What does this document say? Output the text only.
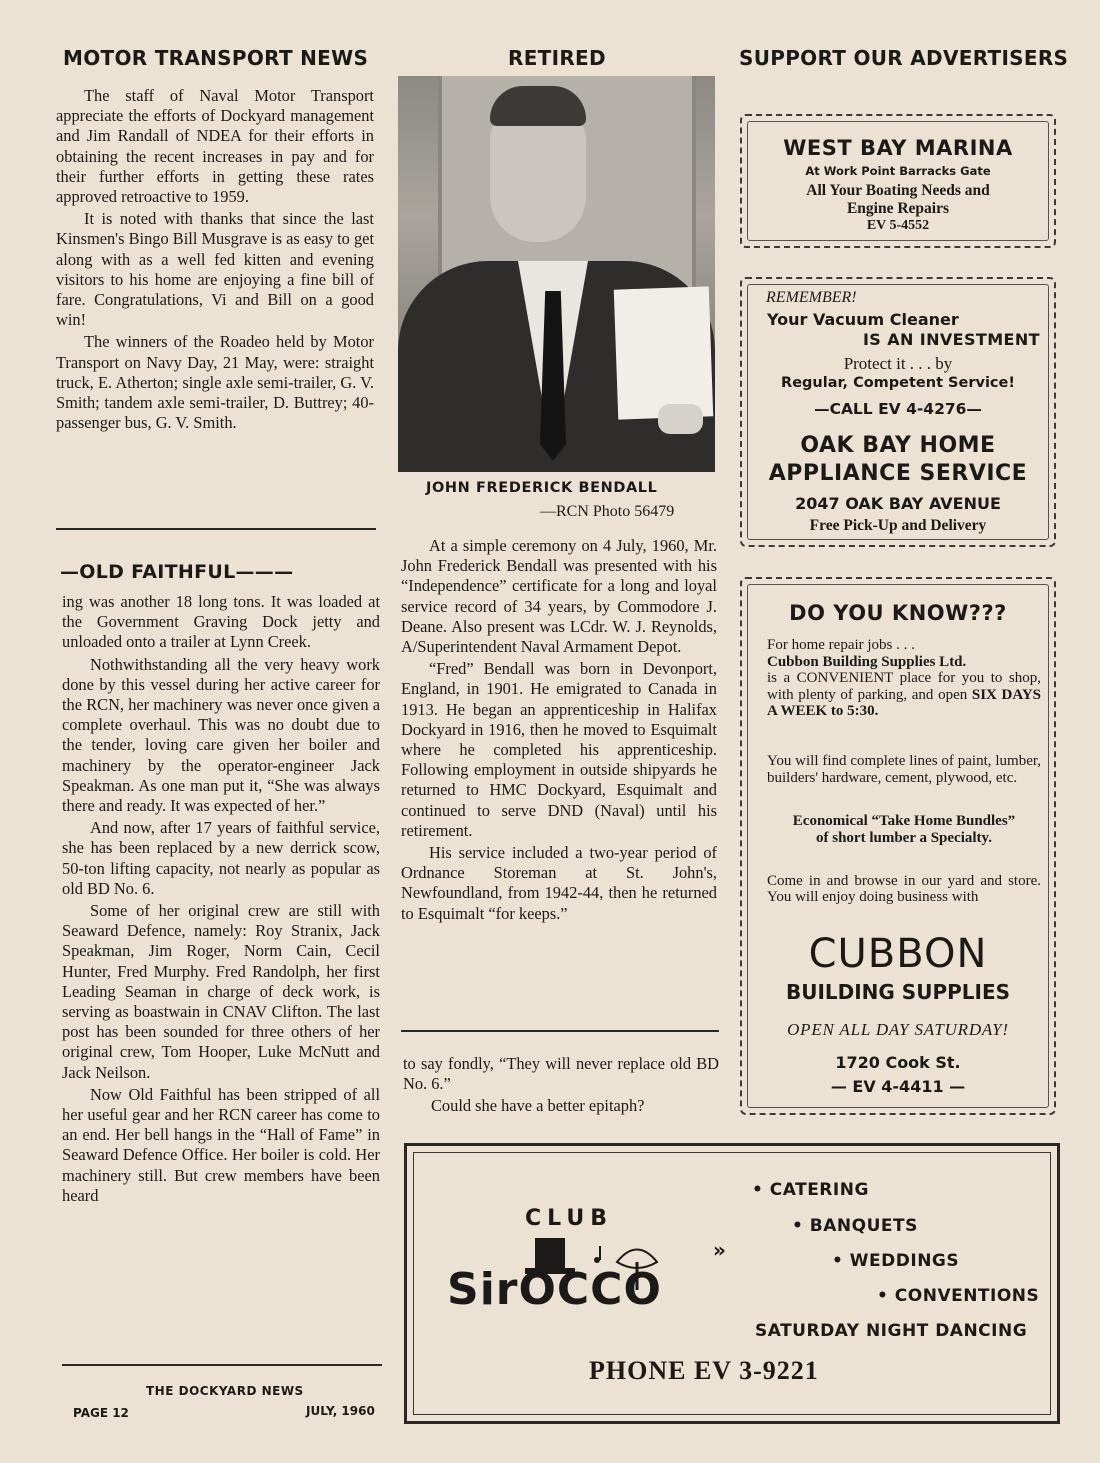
MOTOR TRANSPORT NEWS	RETIRED	SUPPORT OUR ADVERTISERS

The staff of Naval Motor Transport appreciate the efforts of Dockyard management and Jim Randall of NDEA for their efforts in obtaining the recent increases in pay and for their further efforts in getting these rates approved retroactive to 1959.

It is noted with thanks that since the last Kinsmen's Bingo Bill Musgrave is as easy to get along with as a well fed kitten and evening visitors to his home are enjoying a fine bill of fare. Congratulations, Vi and Bill on a good win!

The winners of the Roadeo held by Motor Transport on Navy Day, 21 May, were: straight truck, E. Atherton; single axle semi-trailer, G. V. Smith; tandem axle semi-trailer, D. Buttrey; 40-passenger bus, G. V. Smith.

—OLD FAITHFUL———

ing was another 18 long tons. It was loaded at the Government Graving Dock jetty and unloaded onto a trailer at Lynn Creek.

Nothwithstanding all the very heavy work done by this vessel during her active career for the RCN, her machinery was never once given a complete overhaul. This was no doubt due to the tender, loving care given her boiler and machinery by the operator-engineer Jack Speakman. As one man put it, “She was always there and ready. It was expected of her.”

And now, after 17 years of faithful service, she has been replaced by a new derrick scow, 50-ton lifting capacity, not nearly as popular as old BD No. 6.

Some of her original crew are still with Seaward Defence, namely: Roy Stranix, Jack Speakman, Jim Roger, Norm Cain, Cecil Hunter, Fred Murphy. Fred Randolph, her first Leading Seaman in charge of deck work, is serving as boastwain in CNAV Clifton. The last post has been sounded for three others of her original crew, Tom Hooper, Luke McNutt and Jack Neilson.

Now Old Faithful has been stripped of all her useful gear and her RCN career has come to an end. Her bell hangs in the “Hall of Fame” in Seaward Defence Office. Her boiler is cold. Her machinery still. But crew members have been heard

THE DOCKYARD NEWS
PAGE 12	JULY, 1960
JOHN FREDERICK BENDALL
—RCN Photo 56479

At a simple ceremony on 4 July, 1960, Mr. John Frederick Bendall was presented with his “Independence” certificate for a long and loyal service record of 34 years, by Commodore J. Deane. Also present was LCdr. W. J. Reynolds, A/Superintendent Naval Armament Depot.

“Fred” Bendall was born in Devonport, England, in 1901. He emigrated to Canada in 1913. He began an apprenticeship in Halifax Dockyard in 1916, then he moved to Esquimalt where he completed his apprenticeship. Following employment in outside shipyards he returned to HMC Dockyard, Esquimalt and continued to serve DND (Naval) until his retirement.

His service included a two-year period of Ordnance Storeman at St. John's, Newfoundland, from 1942-44, then he returned to Esquimalt “for keeps.”

to say fondly, “They will never replace old BD No. 6.”

Could she have a better epitaph?

WEST BAY MARINA
At Work Point Barracks Gate
All Your Boating Needs and
Engine Repairs
EV 5-4552
REMEMBER!
Your Vacuum Cleaner
IS AN INVESTMENT
Protect it . . . by
Regular, Competent Service!
—CALL EV 4-4276—
OAK BAY HOME
APPLIANCE SERVICE
2047 OAK BAY AVENUE
Free Pick-Up and Delivery
DO YOU KNOW???
For home repair jobs . . .
Cubbon Building Supplies Ltd.
is a CONVENIENT place for you to shop, with plenty of parking, and open SIX DAYS A WEEK to 5:30.
You will find complete lines of paint, lumber, builders' hardware, cement, plywood, etc.
Economical “Take Home Bundles” of short lumber a Specialty.
Come in and browse in our yard and store. You will enjoy doing business with
CUBBON
BUILDING SUPPLIES
OPEN ALL DAY SATURDAY!
1720 Cook St.
— EV 4-4411 —
CLUB
SirOCCO
»
• CATERING
• BANQUETS
• WEDDINGS
• CONVENTIONS
SATURDAY NIGHT DANCING
PHONE EV 3-9221
